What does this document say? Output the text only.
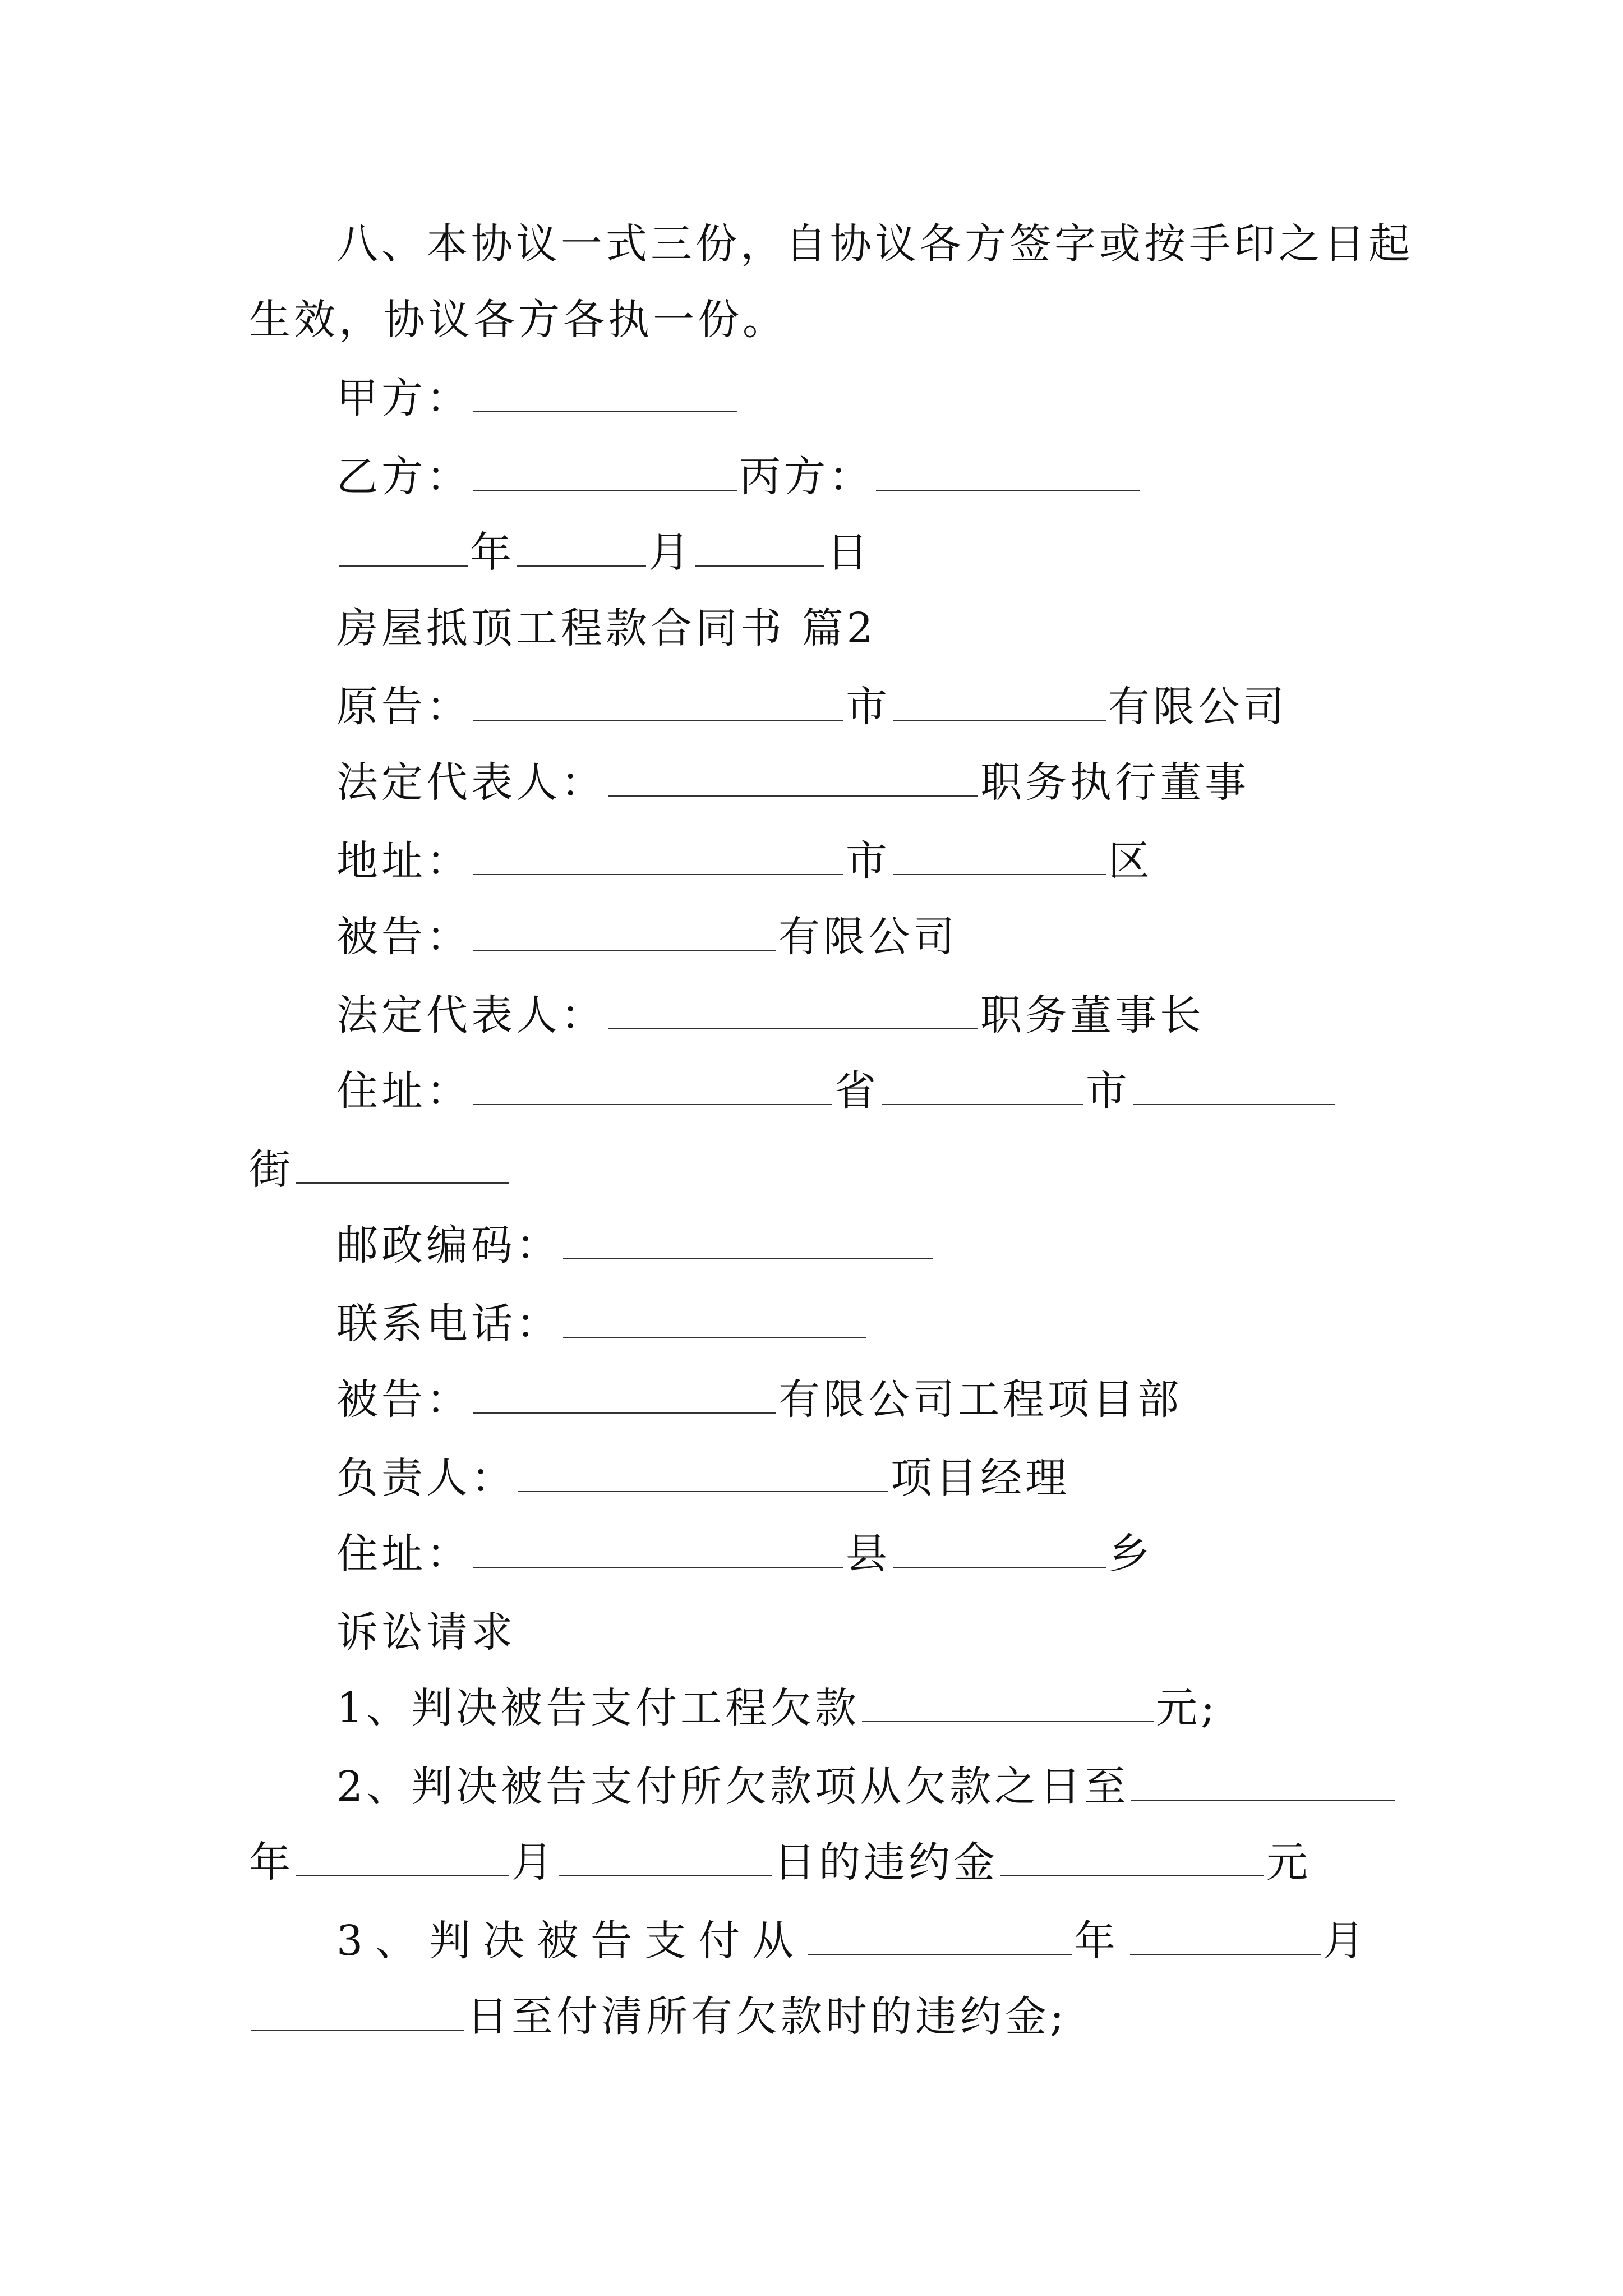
八、本协议一式三份，自协议各方签字或按手印之日起
生效，协议各方各执一份。
甲方：
乙方：	丙方：
年	月	日
房屋抵顶工程款合同书 篇2
原告：	市	有限公司
法定代表人：	职务执行董事
地址：	市	区
被告：	有限公司
法定代表人：	职务董事长
住址：	省	市
街
邮政编码：
联系电话：
被告：	有限公司工程项目部
负责人：	项目经理
住址：	县	乡
诉讼请求
1、判决被告支付工程欠款	元;
2、判决被告支付所欠款项从欠款之日至
年	月	日的违约金	元
3、判决被告支付从	年	月
日至付清所有欠款时的违约金;
